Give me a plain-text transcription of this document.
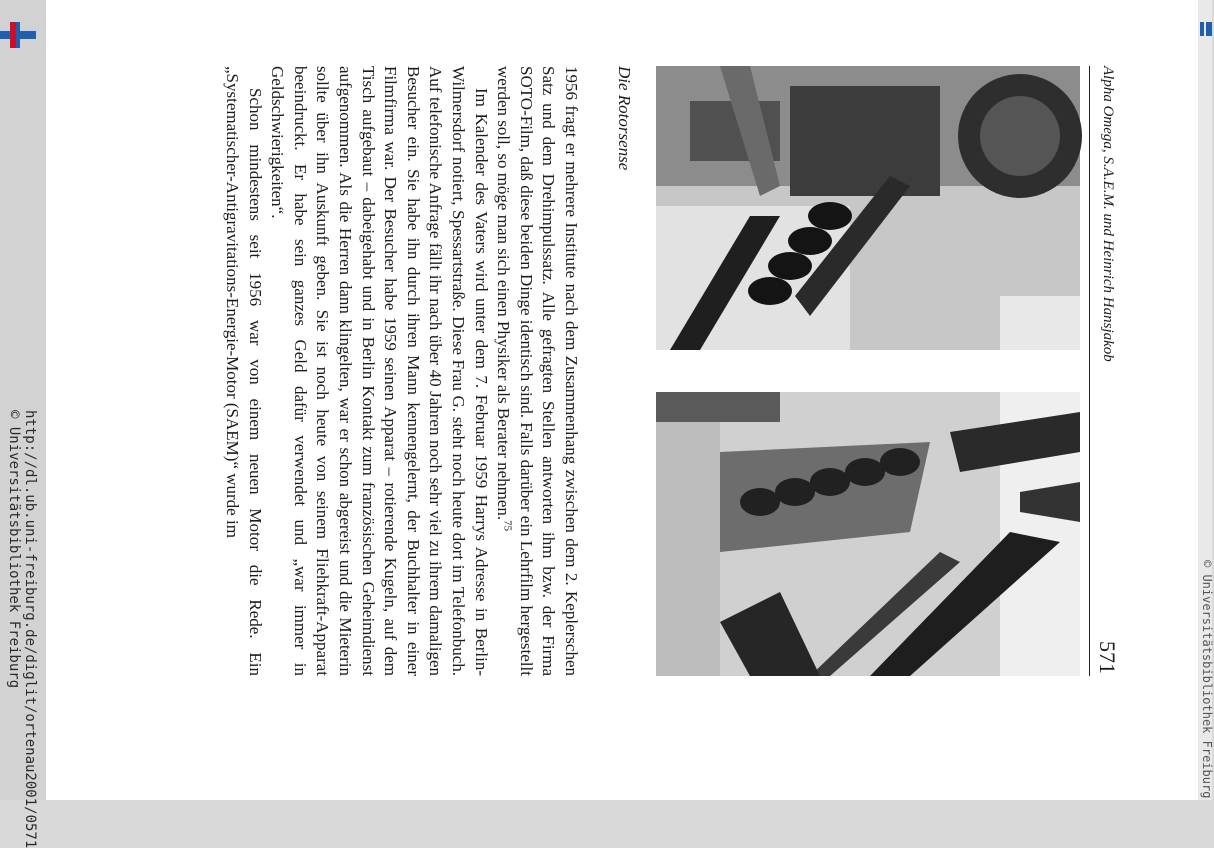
http://dl.ub.uni-freiburg.de/diglit/ortenau2001/0571
© Universitätsbibliothek Freiburg	© Universitätsbibliothek Freiburg
Alpha Omega, S.A.E.M. und Heinrich Hansjakob
571
Die Rotorsense

1956 fragt er mehrere Institute nach dem Zusammenhang zwischen dem 2. Keplerschen Satz und dem Drehimpulssatz. Alle gefragten Stellen antworten ihm bzw. der Firma SOTO-Film, daß diese beiden Dinge identisch sind. Falls darüber ein Lehrfilm hergestellt werden soll, so möge man sich einen Physiker als Berater nehmen.$^{75}$

Im Kalender des Vaters wird unter dem 7. Februar 1959 Harrys Adresse in Berlin-Wilmersdorf notiert, Spessartstraße. Diese Frau G. steht noch heute dort im Telefonbuch. Auf telefonische Anfrage fällt ihr nach über 40 Jahren noch sehr viel zu ihrem damaligen Besucher ein. Sie habe ihn durch ihren Mann kennengelernt, der Buchhalter in einer Filmfirma war. Der Besucher habe 1959 seinen Apparat – rotierende Kugeln, auf dem Tisch aufgebaut – dabeigehabt und in Berlin Kontakt zum französischen Geheimdienst aufgenommen. Als die Herren dann klingelten, war er schon abgereist und die Mieterin sollte über ihn Auskunft geben. Sie ist noch heute von seinem Fliehkraft-Apparat beeindruckt. Er habe sein ganzes Geld dafür verwendet und „war immer in Geldschwierigkeiten“.

Schon mindestens seit 1956 war von einem neuen Motor die Rede. Ein „Systematischer-Antigravitations-Energie-Motor (SAEM)“ wurde im
